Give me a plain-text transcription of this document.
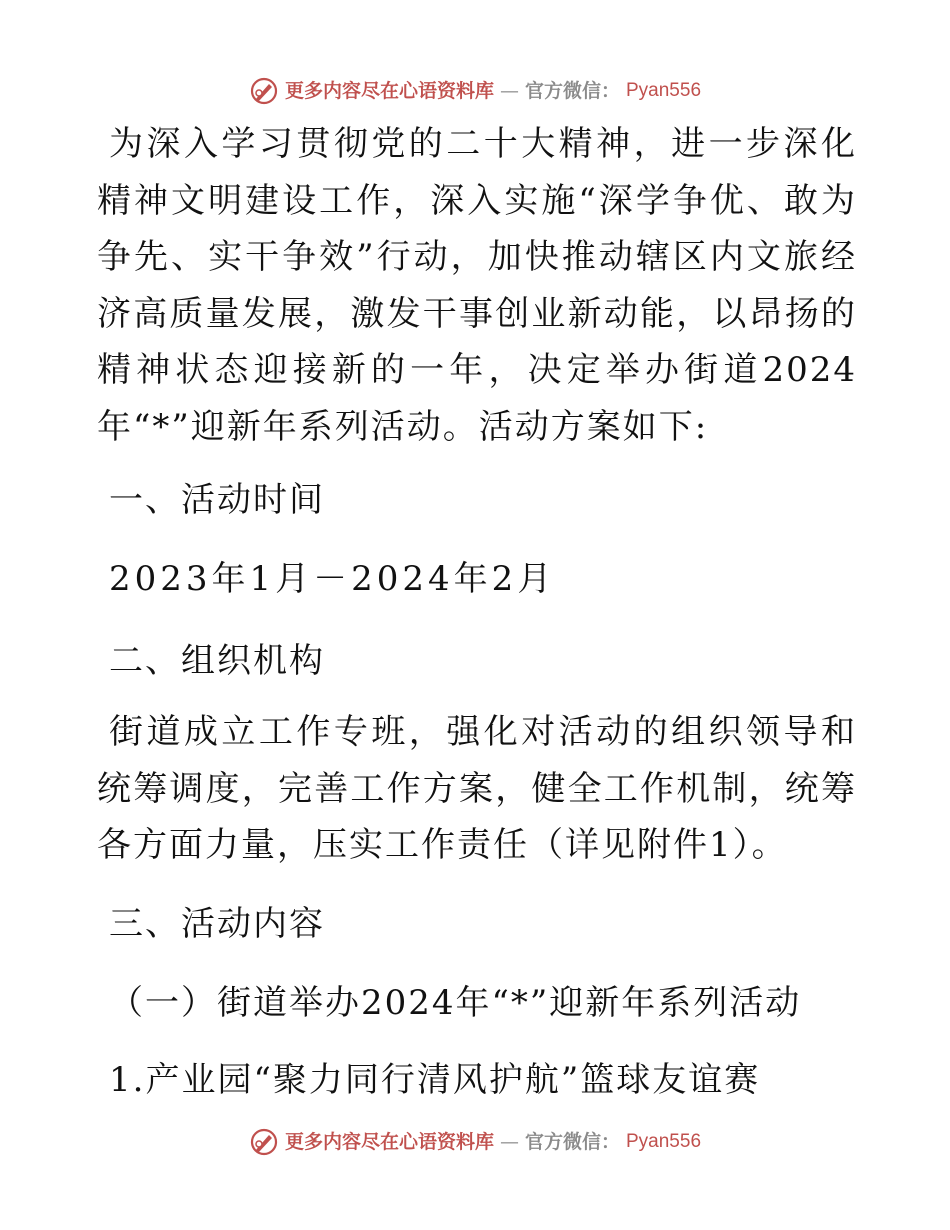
更多内容尽在心语资料库 — 官方微信： Pyan556

为深入学习贯彻党的二十大精神，进一步深化精神文明建设工作，深入实施“深学争优、敢为争先、实干争效”行动，加快推动辖区内文旅经济高质量发展，激发干事创业新动能，以昂扬的精神状态迎接新的一年，决定举办街道2024年“*”迎新年系列活动。活动方案如下:

一、活动时间

2023年1月－2024年2月

二、组织机构

街道成立工作专班，强化对活动的组织领导和统筹调度，完善工作方案，健全工作机制，统筹各方面力量，压实工作责任（详见附件1）。

三、活动内容

（一）街道举办2024年“*”迎新年系列活动

1.产业园“聚力同行清风护航”篮球友谊赛

更多内容尽在心语资料库 — 官方微信： Pyan556
